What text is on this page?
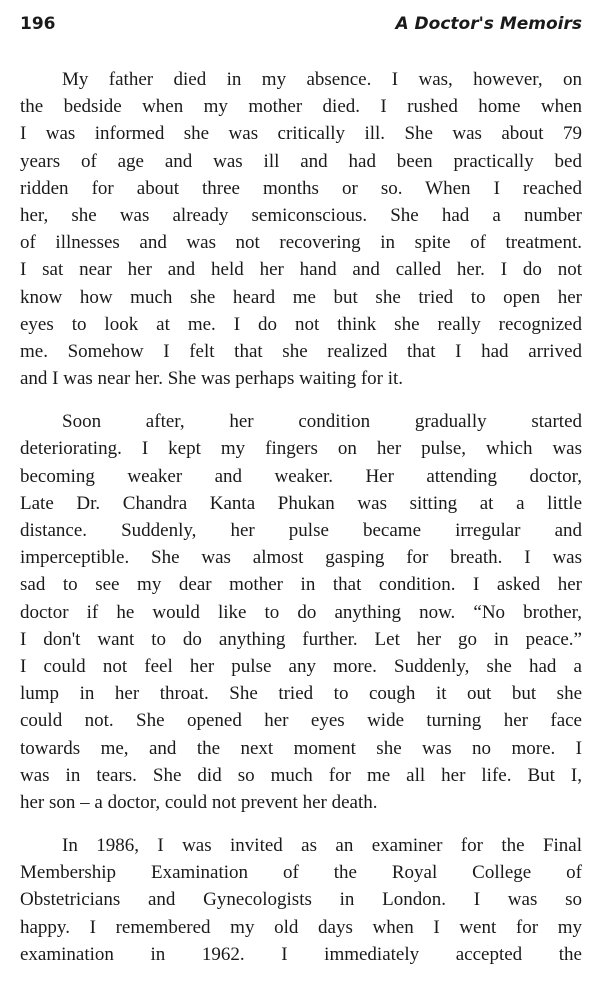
196	A Doctor's Memoirs
My father died in my absence. I was, however, on
the bedside when my mother died. I rushed home when
I was informed she was critically ill. She was about 79
years of age and was ill and had been practically bed
ridden for about three months or so. When I reached
her, she was already semiconscious. She had a number
of illnesses and was not recovering in spite of treatment.
I sat near her and held her hand and called her. I do not
know how much she heard me but she tried to open her
eyes to look at me. I do not think she really recognized
me. Somehow I felt that she realized that I had arrived
and I was near her. She was perhaps waiting for it.
Soon after, her condition gradually started
deteriorating. I kept my fingers on her pulse, which was
becoming weaker and weaker. Her attending doctor,
Late Dr. Chandra Kanta Phukan was sitting at a little
distance. Suddenly, her pulse became irregular and
imperceptible. She was almost gasping for breath. I was
sad to see my dear mother in that condition. I asked her
doctor if he would like to do anything now. “No brother,
I don't want to do anything further. Let her go in peace.”
I could not feel her pulse any more. Suddenly, she had a
lump in her throat. She tried to cough it out but she
could not. She opened her eyes wide turning her face
towards me, and the next moment she was no more. I
was in tears. She did so much for me all her life. But I,
her son – a doctor, could not prevent her death.
In 1986, I was invited as an examiner for the Final
Membership Examination of the Royal College of
Obstetricians and Gynecologists in London. I was so
happy. I remembered my old days when I went for my
examination in 1962. I immediately accepted the
